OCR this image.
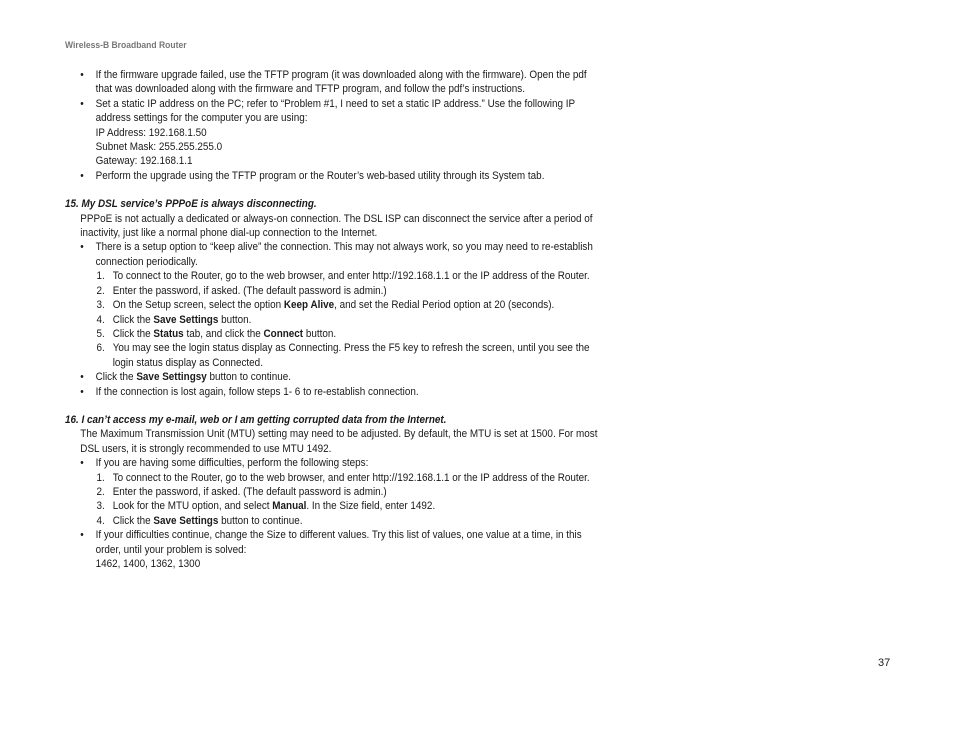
Wireless-B Broadband Router
• If the firmware upgrade failed, use the TFTP program (it was downloaded along with the firmware). Open the pdf that was downloaded along with the firmware and TFTP program, and follow the pdf’s instructions.
• Set a static IP address on the PC; refer to “Problem #1, I need to set a static IP address.” Use the following IP address settings for the computer you are using:
IP Address: 192.168.1.50
Subnet Mask: 255.255.255.0
Gateway: 192.168.1.1
• Perform the upgrade using the TFTP program or the Router’s web-based utility through its System tab.
15. My DSL service’s PPPoE is always disconnecting.
PPPoE is not actually a dedicated or always-on connection. The DSL ISP can disconnect the service after a period of inactivity, just like a normal phone dial-up connection to the Internet.
• There is a setup option to “keep alive” the connection. This may not always work, so you may need to re-establish connection periodically.
1. To connect to the Router, go to the web browser, and enter http://192.168.1.1 or the IP address of the Router.
2. Enter the password, if asked. (The default password is admin.)
3. On the Setup screen, select the option Keep Alive, and set the Redial Period option at 20 (seconds).
4. Click the Save Settings button.
5. Click the Status tab, and click the Connect button.
6. You may see the login status display as Connecting. Press the F5 key to refresh the screen, until you see the login status display as Connected.
• Click the Save Settingsy button to continue.
• If the connection is lost again, follow steps 1- 6 to re-establish connection.
16. I can’t access my e-mail, web or I am getting corrupted data from the Internet.
The Maximum Transmission Unit (MTU) setting may need to be adjusted. By default, the MTU is set at 1500. For most DSL users, it is strongly recommended to use MTU 1492.
• If you are having some difficulties, perform the following steps:
1. To connect to the Router, go to the web browser, and enter http://192.168.1.1 or the IP address of the Router.
2. Enter the password, if asked. (The default password is admin.)
3. Look for the MTU option, and select Manual. In the Size field, enter 1492.
4. Click the Save Settings button to continue.
• If your difficulties continue, change the Size to different values. Try this list of values, one value at a time, in this order, until your problem is solved:
1462, 1400, 1362, 1300
37
